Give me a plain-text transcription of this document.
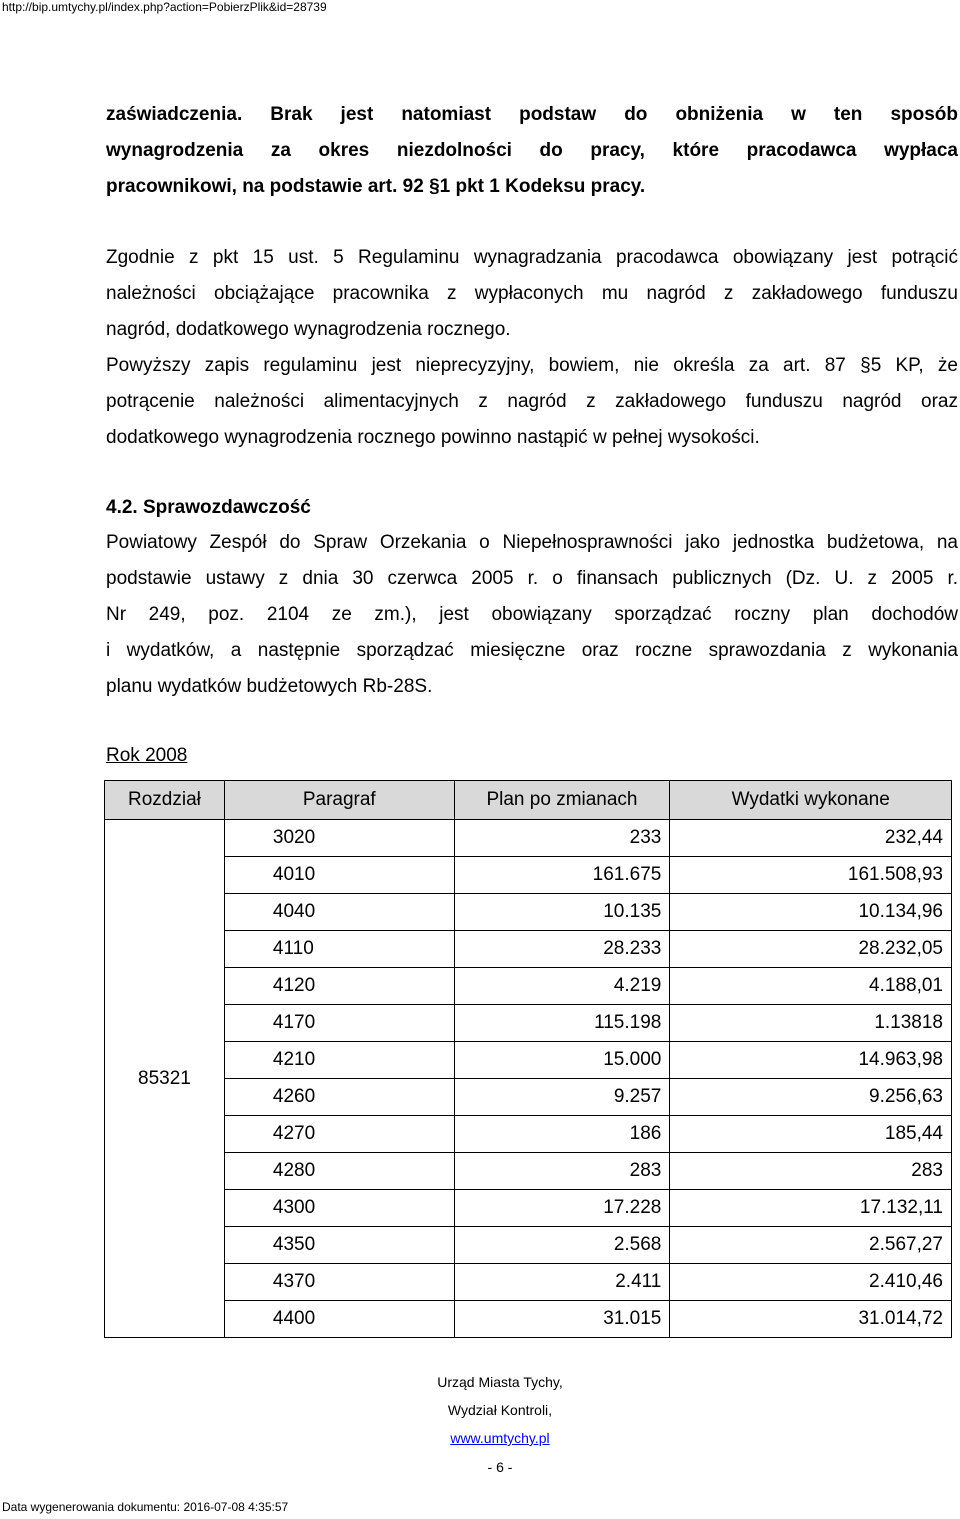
http://bip.umtychy.pl/index.php?action=PobierzPlik&id=28739
zaświadczenia. Brak jest natomiast podstaw do obniżenia w ten sposób
wynagrodzenia za okres niezdolności do pracy, które pracodawca wypłaca
pracownikowi, na podstawie art. 92 §1 pkt 1 Kodeksu pracy.
Zgodnie z pkt 15 ust. 5 Regulaminu wynagradzania pracodawca obowiązany jest potrącić
należności obciążające pracownika z wypłaconych mu nagród z zakładowego funduszu
nagród, dodatkowego wynagrodzenia rocznego.
Powyższy zapis regulaminu jest nieprecyzyjny, bowiem, nie określa za art. 87 §5 KP, że
potrącenie należności alimentacyjnych z nagród z zakładowego funduszu nagród oraz
dodatkowego wynagrodzenia rocznego powinno nastąpić w pełnej wysokości.
4.2. Sprawozdawczość
Powiatowy Zespół do Spraw Orzekania o Niepełnosprawności jako jednostka budżetowa, na
podstawie ustawy z dnia 30 czerwca 2005 r. o finansach publicznych (Dz. U. z 2005 r.
Nr 249, poz. 2104 ze zm.), jest obowiązany sporządzać roczny plan dochodów
i wydatków, a następnie sporządzać miesięczne oraz roczne sprawozdania z wykonania
planu wydatków budżetowych Rb-28S.
Rok 2008
Rozdział	Paragraf	Plan po zmianach	Wydatki wykonane
85321	3020	233	232,44
	4010	161.675	161.508,93
	4040	10.135	10.134,96
	4110	28.233	28.232,05
	4120	4.219	4.188,01
	4170	115.198	1.13818
	4210	15.000	14.963,98
	4260	9.257	9.256,63
	4270	186	185,44
	4280	283	283
	4300	17.228	17.132,11
	4350	2.568	2.567,27
	4370	2.411	2.410,46
	4400	31.015	31.014,72
Urząd Miasta Tychy,
Wydział Kontroli,
www.umtychy.pl
- 6 -
Data wygenerowania dokumentu: 2016-07-08 4:35:57
